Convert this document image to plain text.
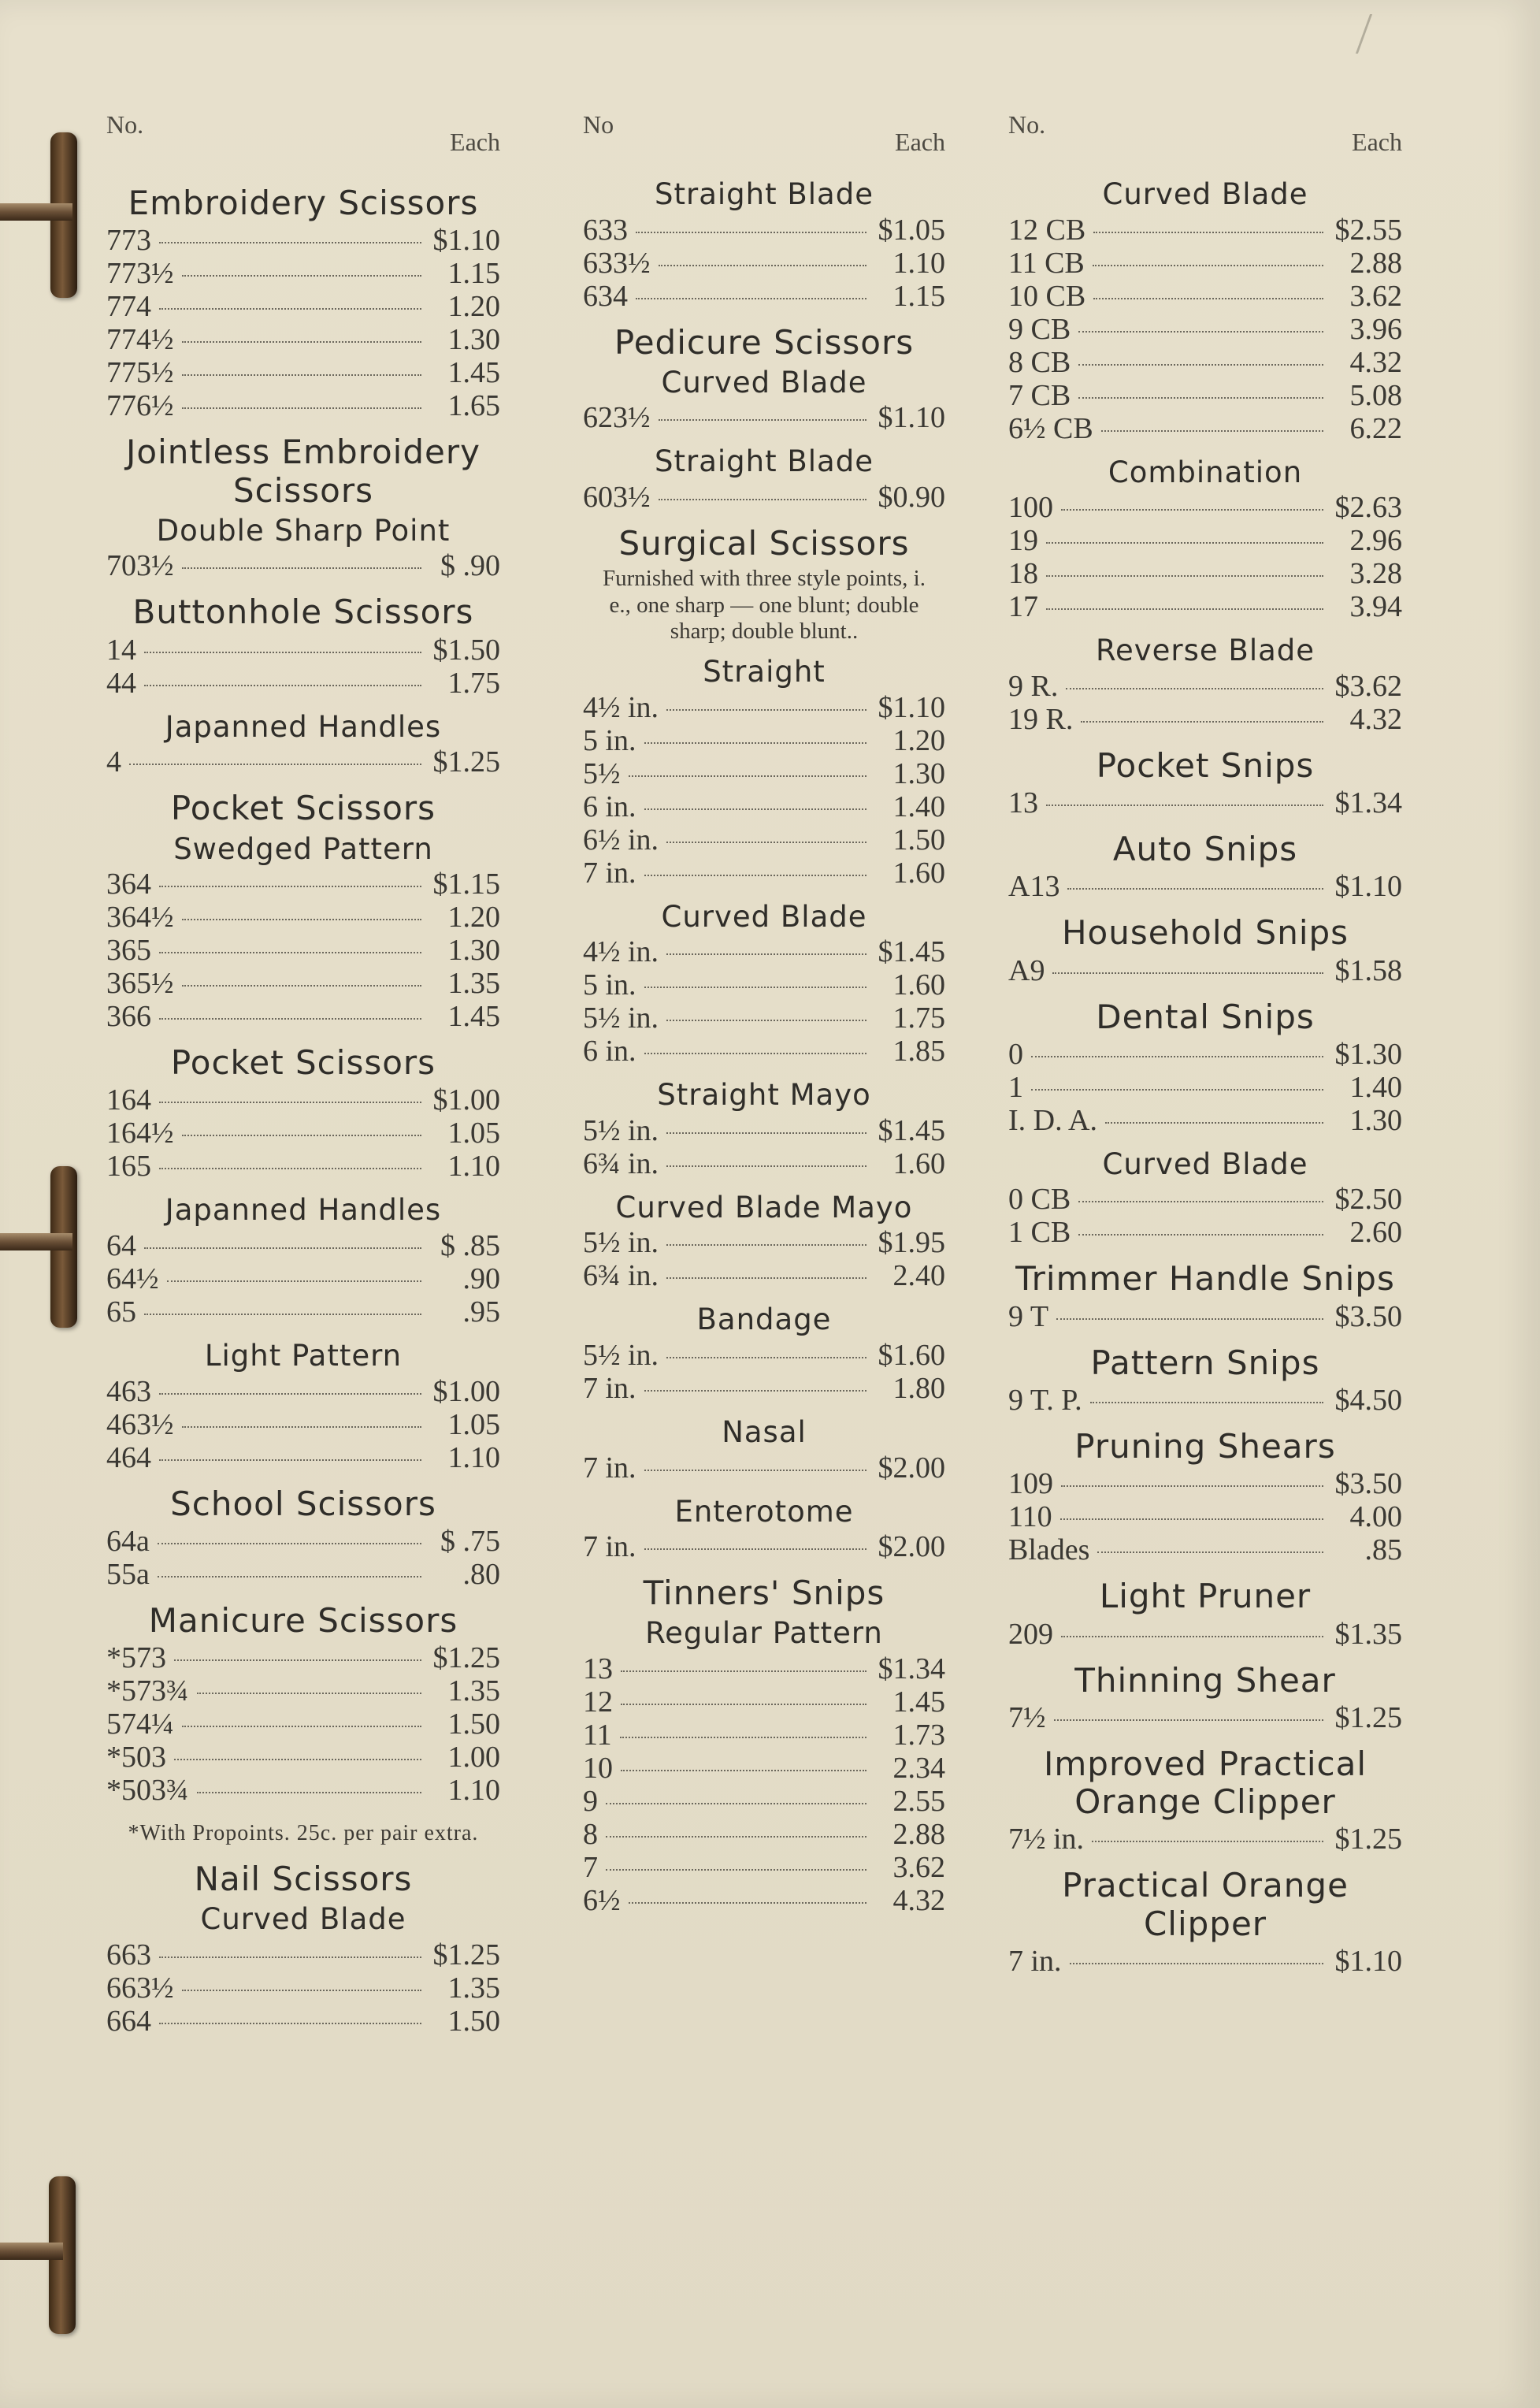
No.
Each
Embroidery Scissors
773	$1.10
773½	1.15
774	1.20
774½	1.30
775½	1.45
776½	1.65
Jointless Embroidery Scissors
Double Sharp Point
703½	$ .90
Buttonhole Scissors
14	$1.50
44	1.75
Japanned Handles
4	$1.25
Pocket Scissors
Swedged Pattern
364	$1.15
364½	1.20
365	1.30
365½	1.35
366	1.45
Pocket Scissors
164	$1.00
164½	1.05
165	1.10
Japanned Handles
64	$ .85
64½	.90
65	.95
Light Pattern
463	$1.00
463½	1.05
464	1.10
School Scissors
64a	$ .75
55a	.80
Manicure Scissors
*573	$1.25
*573¾	1.35
574¼	1.50
*503	1.00
*503¾	1.10
*With Propoints. 25c. per pair extra.
Nail Scissors
Curved Blade
663	$1.25
663½	1.35
664	1.50
No
Each
Straight Blade
633	$1.05
633½	1.10
634	1.15
Pedicure Scissors
Curved Blade
623½	$1.10
Straight Blade
603½	$0.90
Surgical Scissors
Furnished with three style points, i. e., one sharp — one blunt; double sharp; double blunt..
Straight
4½ in.	$1.10
5 in.	1.20
5½	1.30
6 in.	1.40
6½ in.	1.50
7 in.	1.60
Curved Blade
4½ in.	$1.45
5 in.	1.60
5½ in.	1.75
6 in.	1.85
Straight Mayo
5½ in.	$1.45
6¾ in.	1.60
Curved Blade Mayo
5½ in.	$1.95
6¾ in.	2.40
Bandage
5½ in.	$1.60
7 in.	1.80
Nasal
7 in.	$2.00
Enterotome
7 in.	$2.00
Tinners' Snips
Regular Pattern
13	$1.34
12	1.45
11	1.73
10	2.34
9	2.55
8	2.88
7	3.62
6½	4.32
No.
Each
Curved Blade
12 CB	$2.55
11 CB	2.88
10 CB	3.62
9 CB	3.96
8 CB	4.32
7 CB	5.08
6½ CB	6.22
Combination
100	$2.63
19	2.96
18	3.28
17	3.94
Reverse Blade
9 R.	$3.62
19 R.	4.32
Pocket Snips
13	$1.34
Auto Snips
A13	$1.10
Household Snips
A9	$1.58
Dental Snips
0	$1.30
1	1.40
I. D. A.	1.30
Curved Blade
0 CB	$2.50
1 CB	2.60
Trimmer Handle Snips
9 T	$3.50
Pattern Snips
9 T. P.	$4.50
Pruning Shears
109	$3.50
110	4.00
Blades	.85
Light Pruner
209	$1.35
Thinning Shear
7½	$1.25
Improved Practical Orange Clipper
7½ in.	$1.25
Practical Orange Clipper
7 in.	$1.10
